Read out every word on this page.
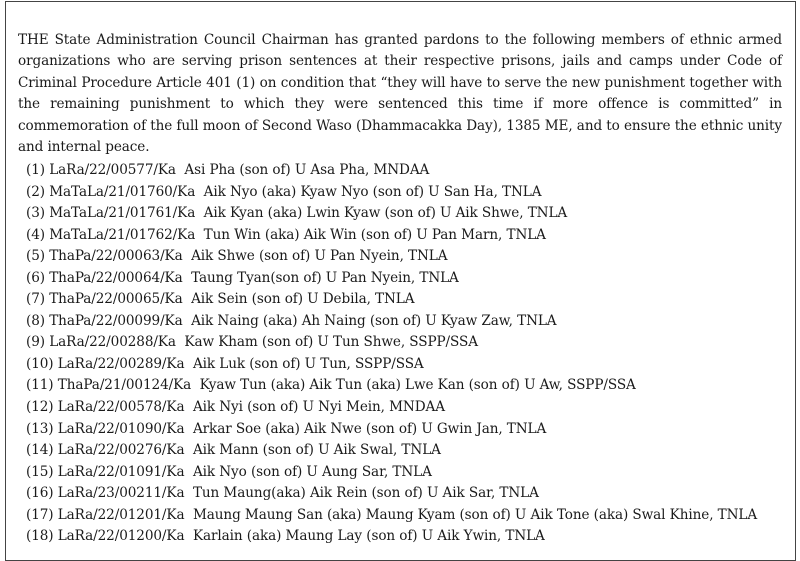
THE State Administration Council Chairman has granted pardons to the following members of ethnic armed organizations who are serving prison sentences at their respective prisons, jails and camps under Code of Criminal Procedure Article 401 (1) on condition that “they will have to serve the new punishment together with the remaining punishment to which they were sentenced this time if more offence is committed” in commemoration of the full moon of Second Waso (Dhammacakka Day), 1385 ME, and to ensure the ethnic unity and internal peace.

(1) LaRa/22/00577/Ka Asi Pha (son of) U Asa Pha, MNDAA
(2) MaTaLa/21/01760/Ka Aik Nyo (aka) Kyaw Nyo (son of) U San Ha, TNLA
(3) MaTaLa/21/01761/Ka Aik Kyan (aka) Lwin Kyaw (son of) U Aik Shwe, TNLA
(4) MaTaLa/21/01762/Ka Tun Win (aka) Aik Win (son of) U Pan Marn, TNLA
(5) ThaPa/22/00063/Ka Aik Shwe (son of) U Pan Nyein, TNLA
(6) ThaPa/22/00064/Ka Taung Tyan(son of) U Pan Nyein, TNLA
(7) ThaPa/22/00065/Ka Aik Sein (son of) U Debila, TNLA
(8) ThaPa/22/00099/Ka Aik Naing (aka) Ah Naing (son of) U Kyaw Zaw, TNLA
(9) LaRa/22/00288/Ka Kaw Kham (son of) U Tun Shwe, SSPP/SSA
(10) LaRa/22/00289/Ka Aik Luk (son of) U Tun, SSPP/SSA
(11) ThaPa/21/00124/Ka Kyaw Tun (aka) Aik Tun (aka) Lwe Kan (son of) U Aw, SSPP/SSA
(12) LaRa/22/00578/Ka Aik Nyi (son of) U Nyi Mein, MNDAA
(13) LaRa/22/01090/Ka Arkar Soe (aka) Aik Nwe (son of) U Gwin Jan, TNLA
(14) LaRa/22/00276/Ka Aik Mann (son of) U Aik Swal, TNLA
(15) LaRa/22/01091/Ka Aik Nyo (son of) U Aung Sar, TNLA
(16) LaRa/23/00211/Ka Tun Maung(aka) Aik Rein (son of) U Aik Sar, TNLA
(17) LaRa/22/01201/Ka Maung Maung San (aka) Maung Kyam (son of) U Aik Tone (aka) Swal Khine, TNLA
(18) LaRa/22/01200/Ka Karlain (aka) Maung Lay (son of) U Aik Ywin, TNLA
